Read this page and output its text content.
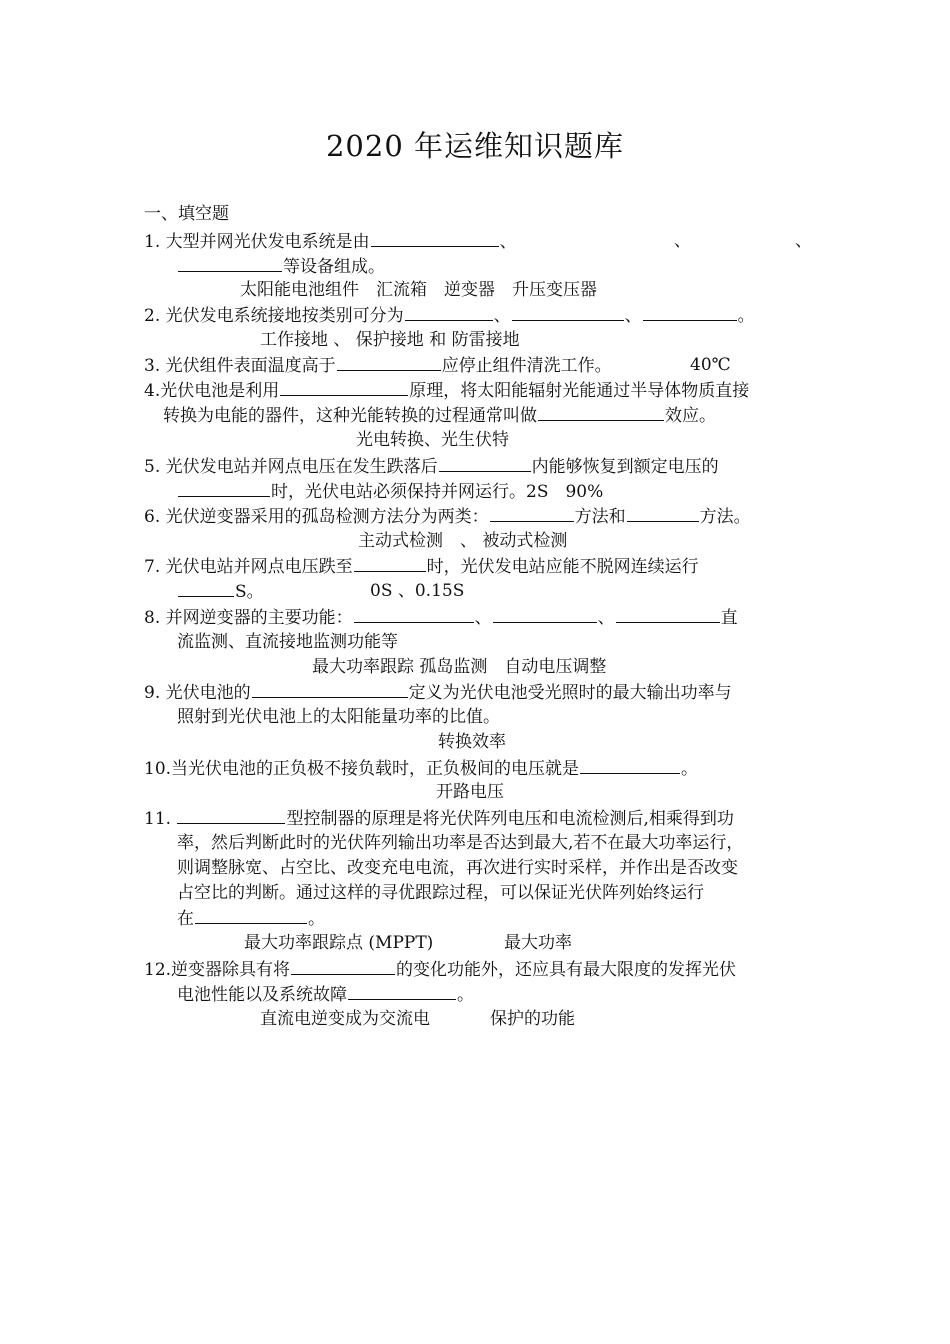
2020 年运维知识题库
一、填空题
1. 大型并网光伏发电系统是由	、	、	、
等设备组成。
太阳能电池组件　汇流箱　逆变器　升压变压器
2. 光伏发电系统接地按类别可分为	、	、	。
工作接地 、 保护接地 和 防雷接地
3. 光伏组件表面温度高于	应停止组件清洗工作。	40℃
4.光伏电池是利用	原理，将太阳能辐射光能通过半导体物质直接
转换为电能的器件，这种光能转换的过程通常叫做	效应。
光电转换、光生伏特
5. 光伏发电站并网点电压在发生跌落后	内能够恢复到额定电压的
时，光伏电站必须保持并网运行。2S　90%
6. 光伏逆变器采用的孤岛检测方法分为两类：	方法和	方法。
主动式检测　、 被动式检测
7. 光伏电站并网点电压跌至	时，光伏发电站应能不脱网连续运行
S。	0S 、0.15S
8. 并网逆变器的主要功能：	、	、	直
流监测、直流接地监测功能等
最大功率跟踪 孤岛监测　自动电压调整
9. 光伏电池的	定义为光伏电池受光照时的最大输出功率与
照射到光伏电池上的太阳能量功率的比值。
转换效率
10.当光伏电池的正负极不接负载时，正负极间的电压就是	。
开路电压
11.	型控制器的原理是将光伏阵列电压和电流检测后,相乘得到功
率，然后判断此时的光伏阵列输出功率是否达到最大,若不在最大功率运行，
则调整脉宽、占空比、改变充电电流，再次进行实时采样，并作出是否改变
占空比的判断。通过这样的寻优跟踪过程，可以保证光伏阵列始终运行
在	。
最大功率跟踪点 (MPPT)	最大功率
12.逆变器除具有将	的变化功能外，还应具有最大限度的发挥光伏
电池性能以及系统故障	。
直流电逆变成为交流电	保护的功能
